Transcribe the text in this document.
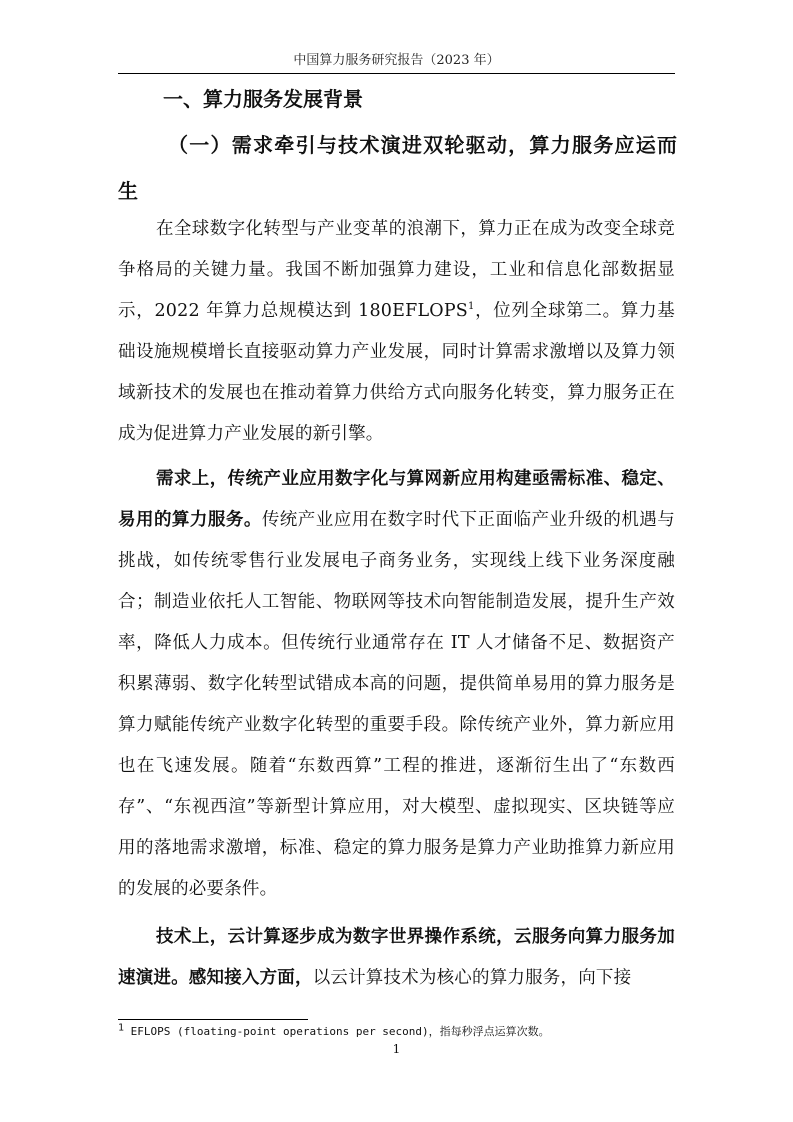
中国算力服务研究报告（2023 年）
一、算力服务发展背景
（一）需求牵引与技术演进双轮驱动，算力服务应运而生
在全球数字化转型与产业变革的浪潮下，算力正在成为改变全球竞争格局的关键力量。我国不断加强算力建设，工业和信息化部数据显示，2022 年算力总规模达到 180EFLOPS$^1$，位列全球第二。算力基础设施规模增长直接驱动算力产业发展，同时计算需求激增以及算力领域新技术的发展也在推动着算力供给方式向服务化转变，算力服务正在成为促进算力产业发展的新引擎。
需求上，传统产业应用数字化与算网新应用构建亟需标准、稳定、易用的算力服务。传统产业应用在数字时代下正面临产业升级的机遇与挑战，如传统零售行业发展电子商务业务，实现线上线下业务深度融合；制造业依托人工智能、物联网等技术向智能制造发展，提升生产效率，降低人力成本。但传统行业通常存在 IT 人才储备不足、数据资产积累薄弱、数字化转型试错成本高的问题，提供简单易用的算力服务是算力赋能传统产业数字化转型的重要手段。除传统产业外，算力新应用也在飞速发展。随着“东数西算”工程的推进，逐渐衍生出了“东数西存”、“东视西渲”等新型计算应用，对大模型、虚拟现实、区块链等应用的落地需求激增，标准、稳定的算力服务是算力产业助推算力新应用的发展的必要条件。
技术上，云计算逐步成为数字世界操作系统，云服务向算力服务加速演进。感知接入方面，以云计算技术为核心的算力服务，向下接
$^1$ EFLOPS (floating-point operations per second)，指每秒浮点运算次数。
1
